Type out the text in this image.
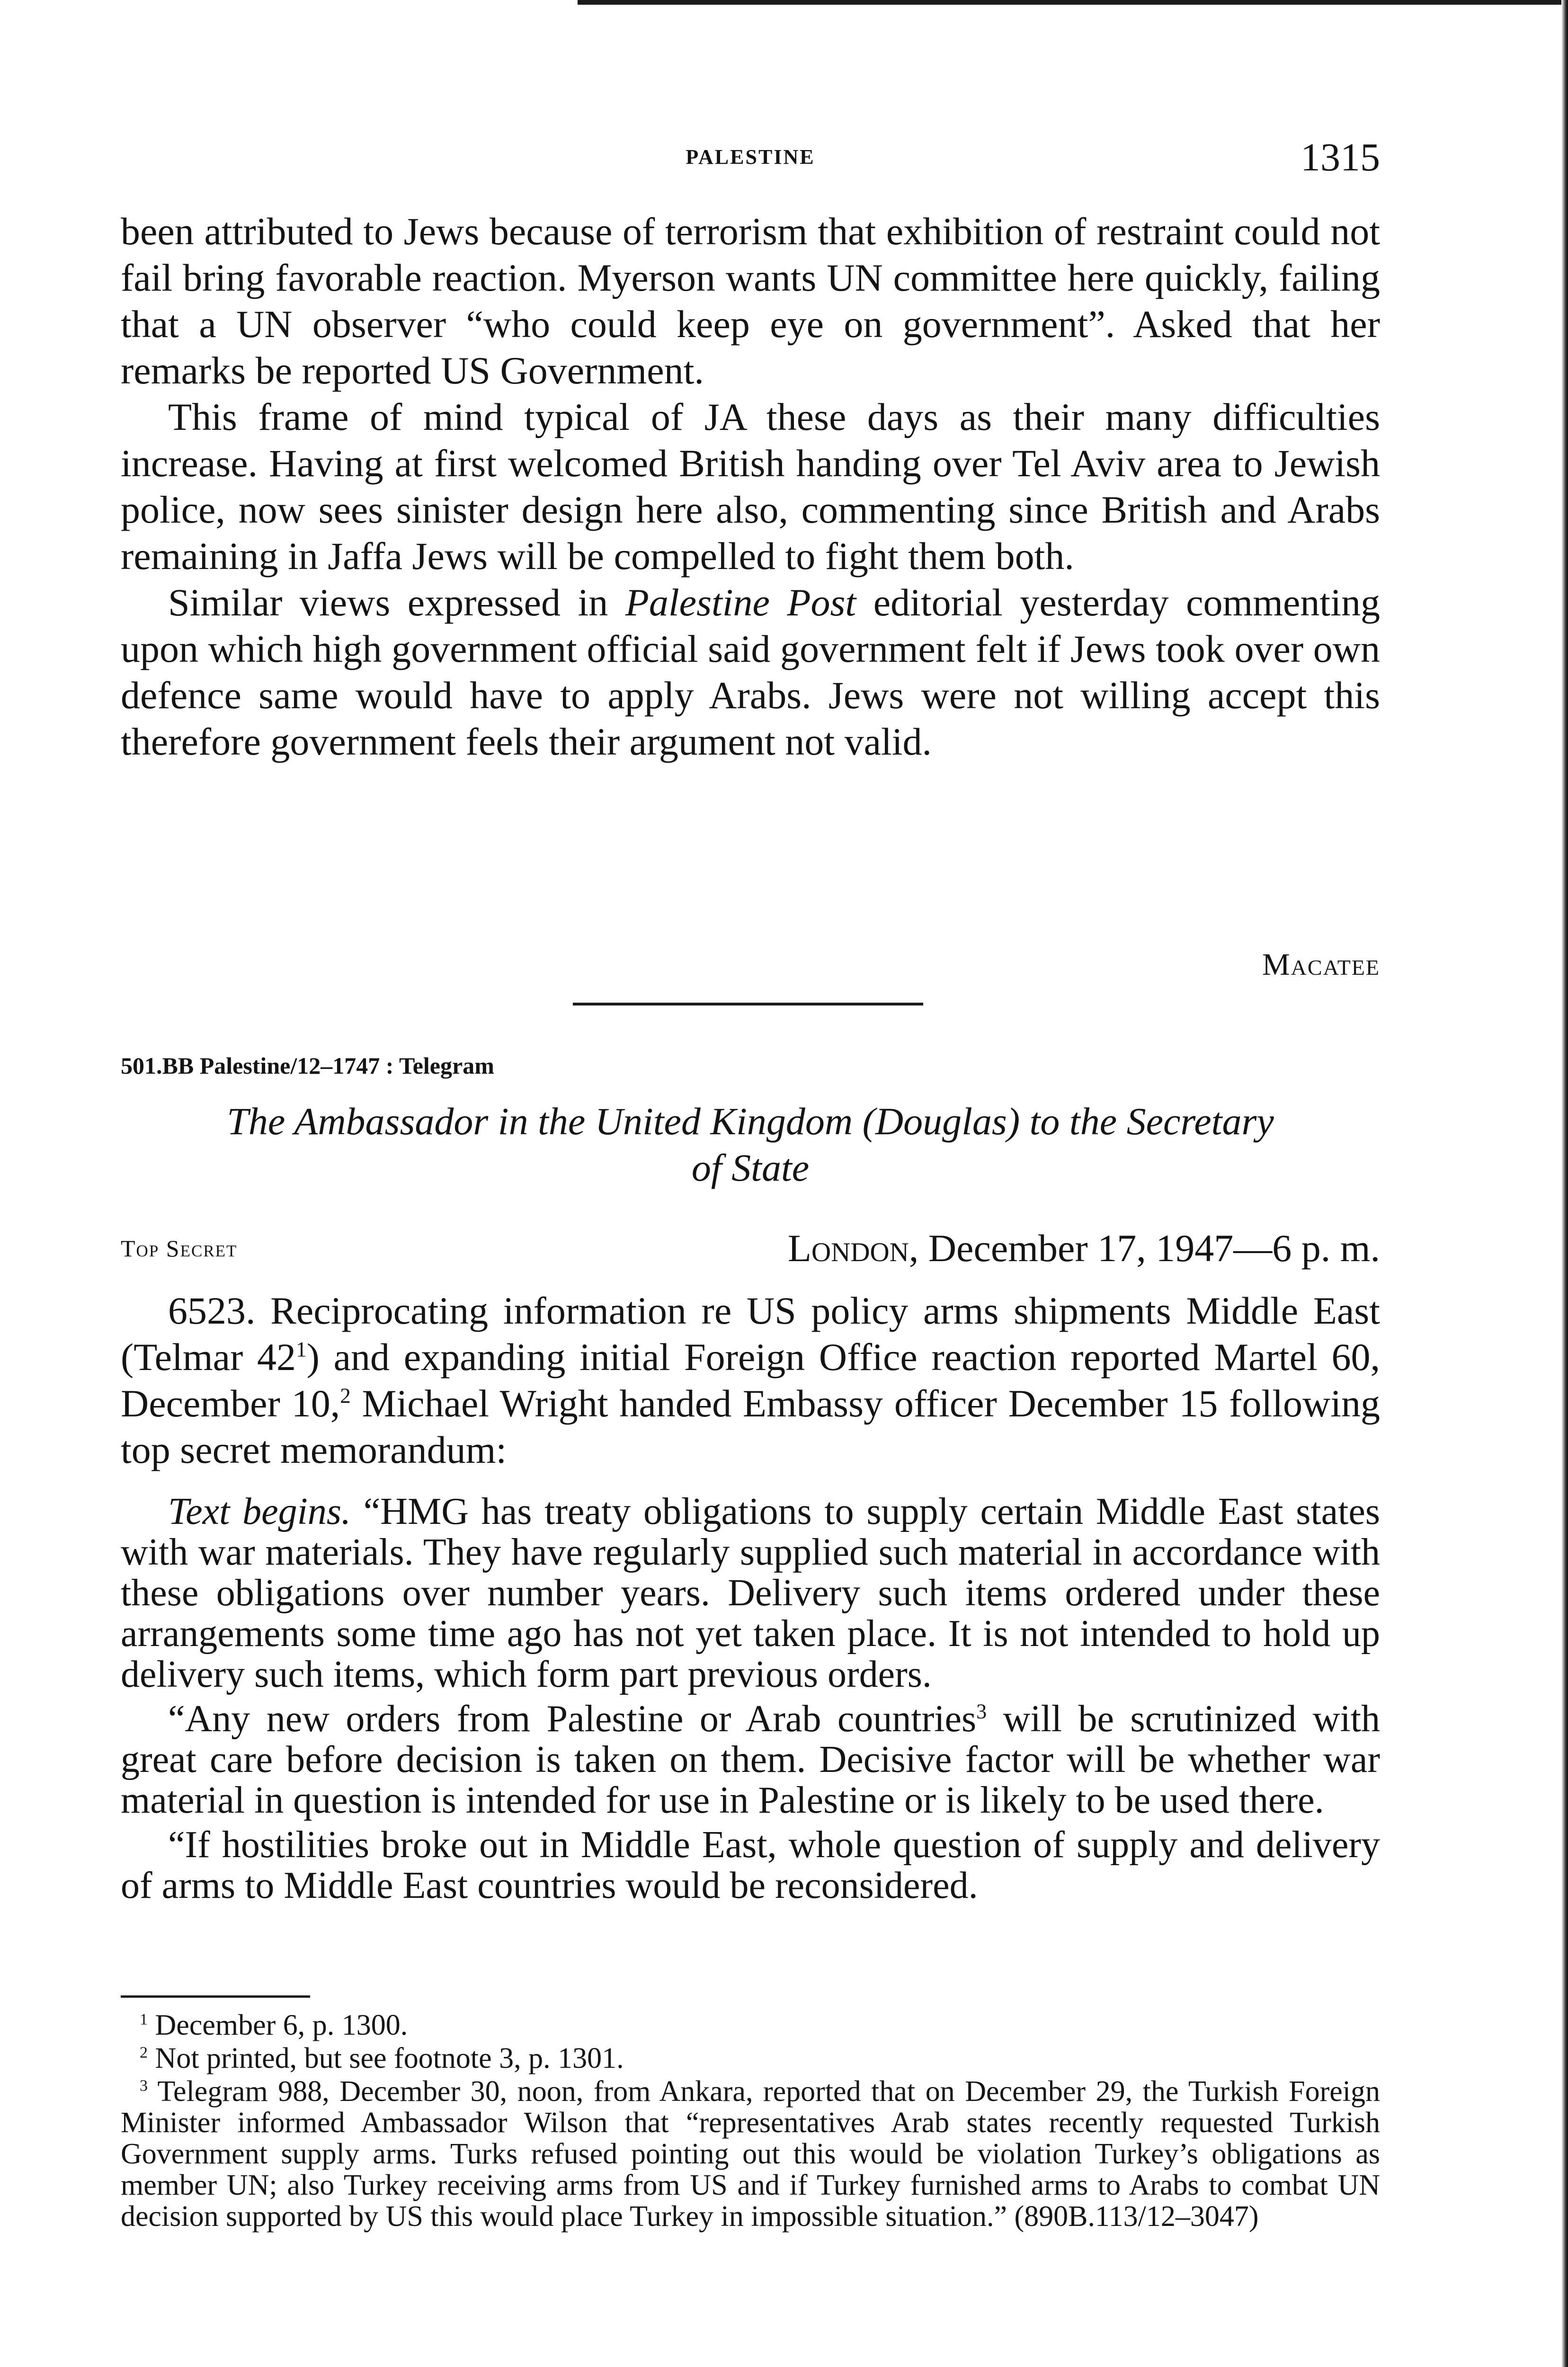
PALESTINE	1315

been attributed to Jews because of terrorism that exhibition of restraint could not fail bring favorable reaction. Myerson wants UN committee here quickly, failing that a UN observer “who could keep eye on government”. Asked that her remarks be reported US Government.

This frame of mind typical of JA these days as their many difficulties increase. Having at first welcomed British handing over Tel Aviv area to Jewish police, now sees sinister design here also, commenting since British and Arabs remaining in Jaffa Jews will be compelled to fight them both.

Similar views expressed in Palestine Post editorial yesterday commenting upon which high government official said government felt if Jews took over own defence same would have to apply Arabs. Jews were not willing accept this therefore government feels their argument not valid.

Macatee
501.BB Palestine/12–1747 : Telegram
The Ambassador in the United Kingdom (Douglas) to the Secretary
of State
Top Secret	London, December 17, 1947—6 p. m.

6523. Reciprocating information re US policy arms shipments Middle East (Telmar $42^1$) and expanding initial Foreign Office reaction reported Martel 60, December 10,$^2$ Michael Wright handed Embassy officer December 15 following top secret memorandum:

Text begins. “HMG has treaty obligations to supply certain Middle East states with war materials. They have regularly supplied such material in accordance with these obligations over number years. Delivery such items ordered under these arrangements some time ago has not yet taken place. It is not intended to hold up delivery such items, which form part previous orders.

“Any new orders from Palestine or Arab countries$^3$ will be scrutinized with great care before decision is taken on them. Decisive factor will be whether war material in question is intended for use in Palestine or is likely to be used there.

“If hostilities broke out in Middle East, whole question of supply and delivery of arms to Middle East countries would be reconsidered.

$^1$ December 6, p. 1300.

$^2$ Not printed, but see footnote 3, p. 1301.

$^3$ Telegram 988, December 30, noon, from Ankara, reported that on December 29, the Turkish Foreign Minister informed Ambassador Wilson that “representatives Arab states recently requested Turkish Government supply arms. Turks refused pointing out this would be violation Turkey’s obligations as member UN; also Turkey receiving arms from US and if Turkey furnished arms to Arabs to combat UN decision supported by US this would place Turkey in impossible situation.” (890B.113/12–3047)
